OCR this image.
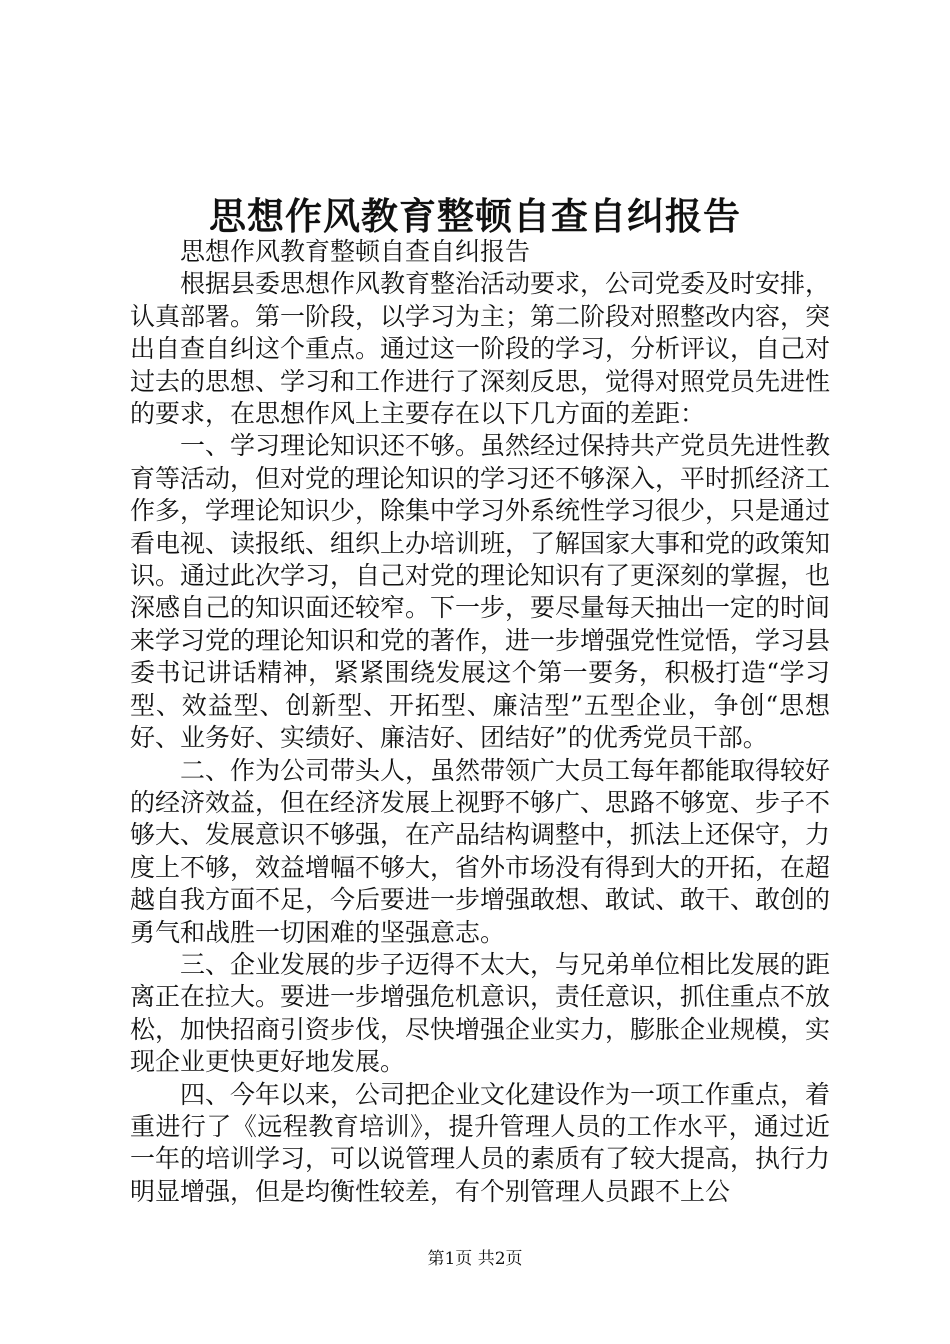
思想作风教育整顿自查自纠报告

思想作风教育整顿自查自纠报告

根据县委思想作风教育整治活动要求，公司党委及时安排，认真部署。第一阶段，以学习为主；第二阶段对照整改内容，突出自查自纠这个重点。通过这一阶段的学习，分析评议，自己对过去的思想、学习和工作进行了深刻反思，觉得对照党员先进性的要求，在思想作风上主要存在以下几方面的差距：

一、学习理论知识还不够。虽然经过保持共产党员先进性教育等活动，但对党的理论知识的学习还不够深入，平时抓经济工作多，学理论知识少，除集中学习外系统性学习很少，只是通过看电视、读报纸、组织上办培训班，了解国家大事和党的政策知识。通过此次学习，自己对党的理论知识有了更深刻的掌握，也深感自己的知识面还较窄。下一步，要尽量每天抽出一定的时间来学习党的理论知识和党的著作，进一步增强党性觉悟，学习县委书记讲话精神，紧紧围绕发展这个第一要务，积极打造“学习型、效益型、创新型、开拓型、廉洁型”五型企业，争创“思想好、业务好、实绩好、廉洁好、团结好”的优秀党员干部。

二、作为公司带头人，虽然带领广大员工每年都能取得较好的经济效益，但在经济发展上视野不够广、思路不够宽、步子不够大、发展意识不够强，在产品结构调整中，抓法上还保守，力度上不够，效益增幅不够大，省外市场没有得到大的开拓，在超越自我方面不足，今后要进一步增强敢想、敢试、敢干、敢创的勇气和战胜一切困难的坚强意志。

三、企业发展的步子迈得不太大，与兄弟单位相比发展的距离正在拉大。要进一步增强危机意识，责任意识，抓住重点不放松，加快招商引资步伐，尽快增强企业实力，膨胀企业规模，实现企业更快更好地发展。

四、今年以来，公司把企业文化建设作为一项工作重点，着重进行了《远程教育培训》，提升管理人员的工作水平，通过近一年的培训学习，可以说管理人员的素质有了较大提高，执行力明显增强，但是均衡性较差，有个别管理人员跟不上公

第1页 共2页
